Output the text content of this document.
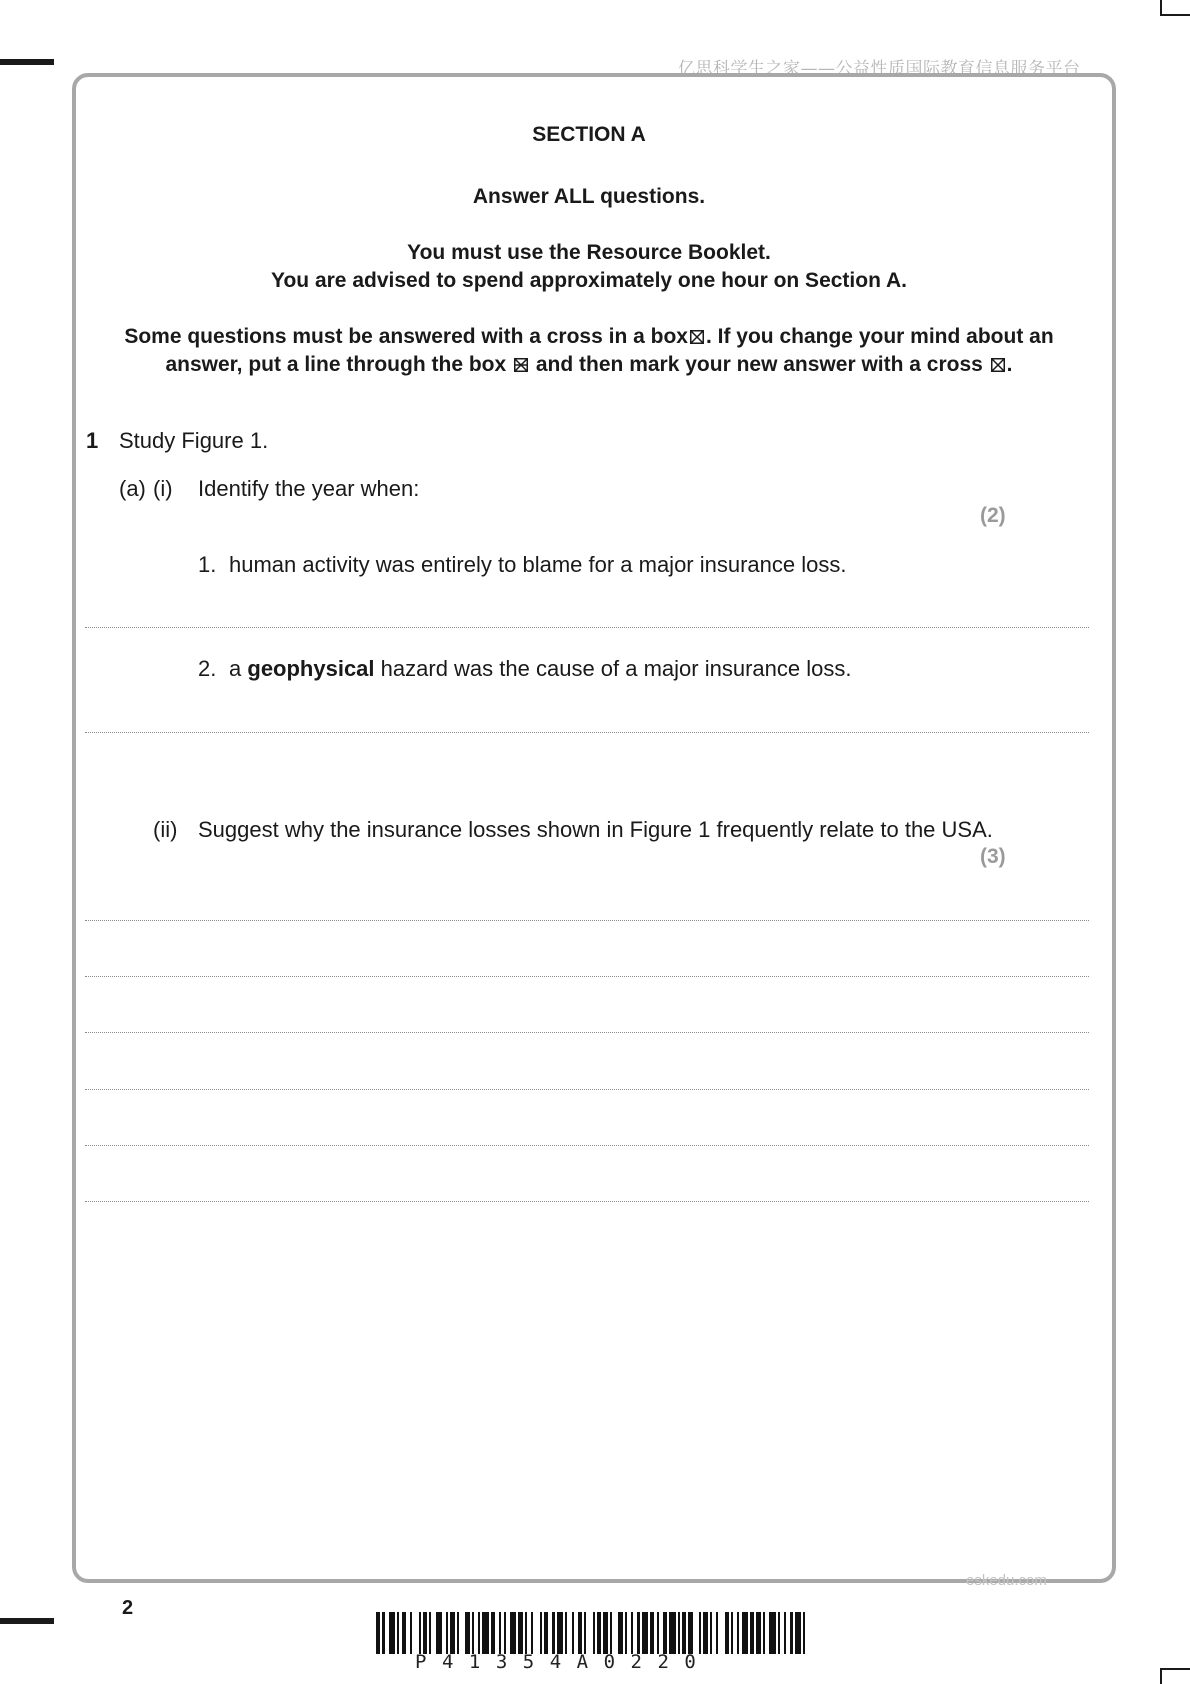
亿思科学生之家——公益性质国际教育信息服务平台
SECTION A
Answer ALL questions.
You must use the Resource Booklet.
You are advised to spend approximately one hour on Section A.
Some questions must be answered with a cross in a box ☒ . If you change your mind about an
answer, put a line through the box and then mark your new answer with a cross ☒ .
1 Study Figure 1.
(a) (i) Identify the year when:
(2)
1. human activity was entirely to blame for a major insurance loss.
2. a geophysical hazard was the cause of a major insurance loss.
(ii) Suggest why the insurance losses shown in Figure 1 frequently relate to the USA.
(3)
eskedu.com
2
P41354A0220
